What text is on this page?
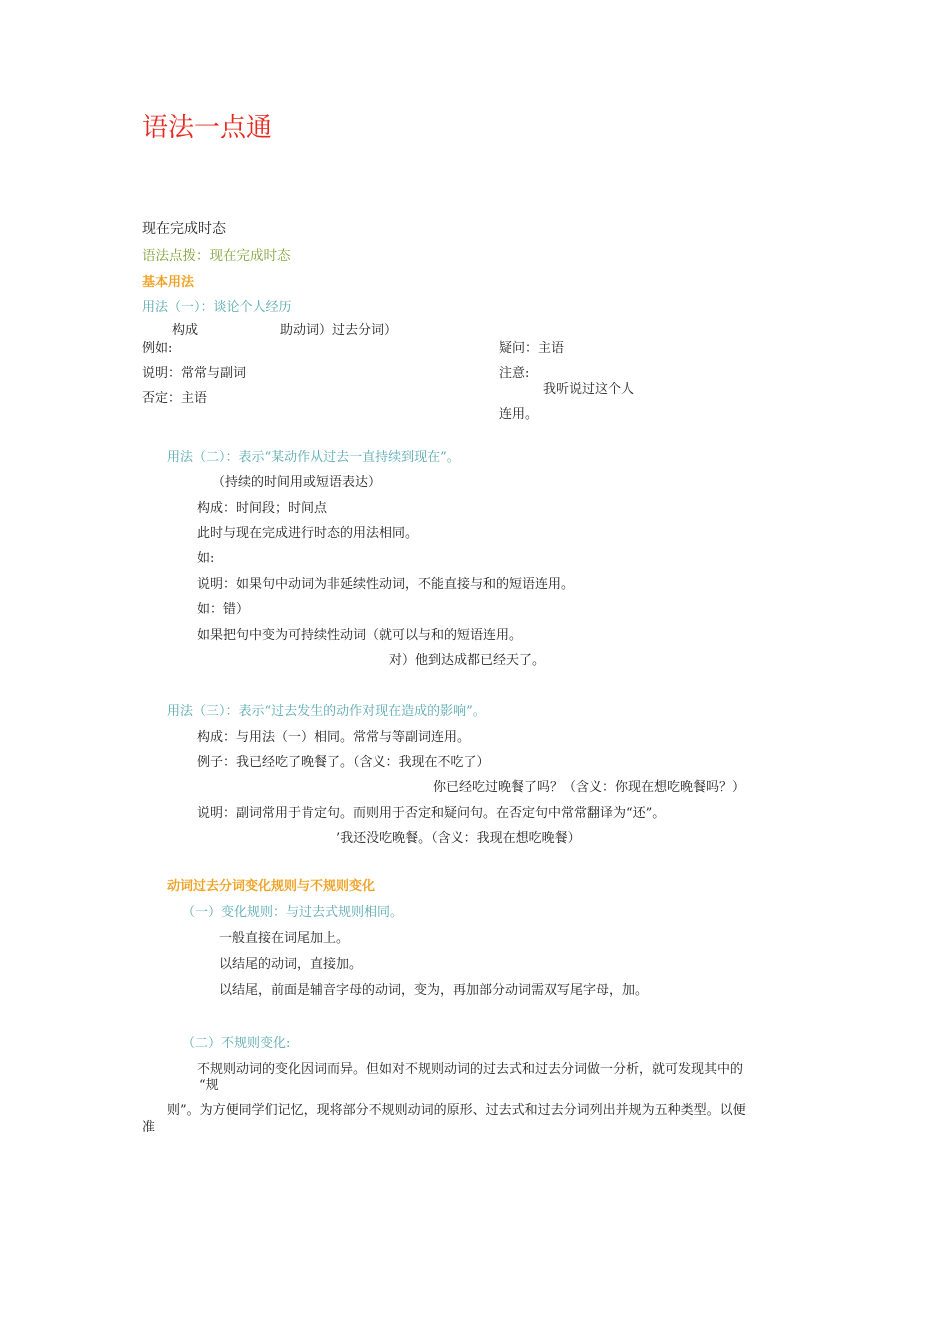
语法一点通
现在完成时态
语法点拨：现在完成时态
基本用法
用法（一）：谈论个人经历
构成	助动词）过去分词）
例如:
说明：常常与副词
否定：主语
疑问：主语
注意:
我听说过这个人
连用。
用法（二）：表示“某动作从过去一直持续到现在”。
（持续的时间用或短语表达）
构成：时间段；时间点
此时与现在完成进行时态的用法相同。
如:
说明：如果句中动词为非延续性动词，不能直接与和的短语连用。
如：错）
如果把句中变为可持续性动词（就可以与和的短语连用。
对）他到达成都已经天了。
用法（三）：表示“过去发生的动作对现在造成的影响”。
构成：与用法（一）相同。常常与等副词连用。
例子：我已经吃了晚餐了。（含义：我现在不吃了）
你已经吃过晚餐了吗？（含义：你现在想吃晚餐吗？）
说明：副词常用于肯定句。而则用于否定和疑问句。在否定句中常常翻译为“还”。
’我还没吃晚餐。（含义：我现在想吃晚餐）
动词过去分词变化规则与不规则变化
（一）变化规则：与过去式规则相同。
一般直接在词尾加上。
以结尾的动词，直接加。
以结尾，前面是辅音字母的动词，变为，再加部分动词需双写尾字母，加。
（二）不规则变化:
不规则动词的变化因词而异。但如对不规则动词的过去式和过去分词做一分析，就可发现其中的
“规
则”。为方便同学们记忆，现将部分不规则动词的原形、过去式和过去分词列出并规为五种类型。以便
准
